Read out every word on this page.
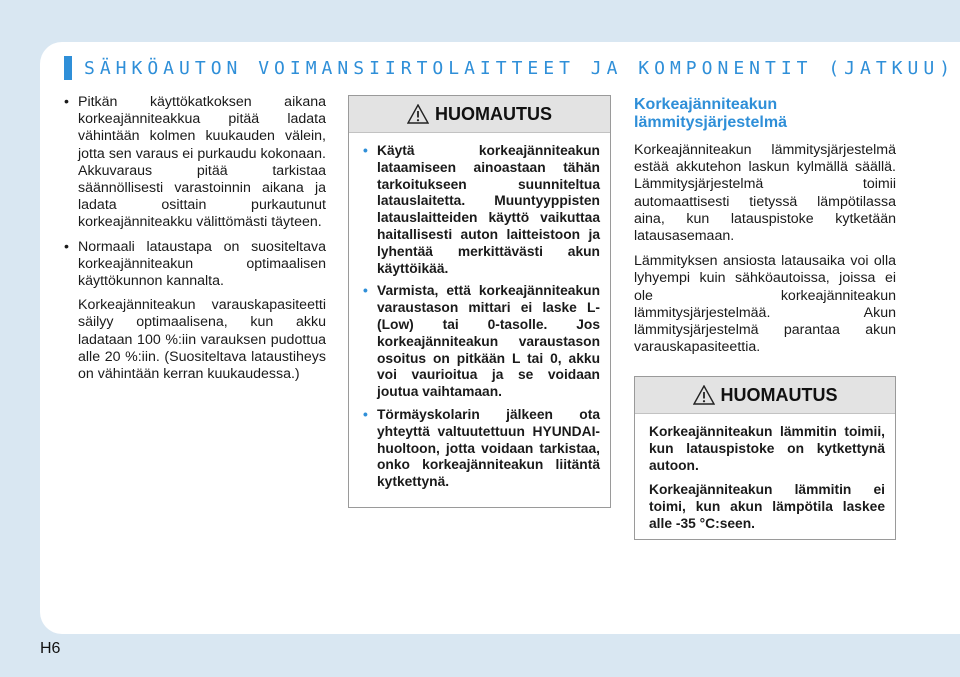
SÄHKÖAUTON VOIMANSIIRTOLAITTEET JA KOMPONENTIT (JATKUU)
• Pitkän käyttökatkoksen aikana korkeajänniteakkua pitää ladata vähintään kolmen kuukauden välein, jotta sen varaus ei purkaudu kokonaan. Akkuvaraus pitää tarkistaa säännöllisesti varastoinnin aikana ja ladata osittain purkautunut korkeajänniteakku välittömästi täyteen.
• Normaali lataustapa on suositeltava korkeajänniteakun optimaalisen käyttökunnon kannalta.

Korkeajänniteakun varauskapasiteetti säilyy optimaalisena, kun akku ladataan 100 %:iin varauksen pudottua alle 20 %:iin. (Suositeltava lataustiheys on vähintään kerran kuukaudessa.)

HUOMAUTUS
• Käytä korkeajänniteakun lataamiseen ainoastaan tähän tarkoitukseen suunniteltua latauslaitetta. Muuntyyppisten latauslaitteiden käyttö vaikuttaa haitallisesti auton laitteistoon ja lyhentää merkittävästi akun käyttöikää.
• Varmista, että korkeajänniteakun varaustason mittari ei laske L- (Low) tai 0-tasolle. Jos korkeajänniteakun varaustason osoitus on pitkään L tai 0, akku voi vaurioitua ja se voidaan joutua vaihtamaan.
• Törmäyskolarin jälkeen ota yhteyttä valtuutettuun HYUNDAI-huoltoon, jotta voidaan tarkistaa, onko korkeajänniteakun liitäntä kytkettynä.
Korkeajänniteakun lämmitysjärjestelmä

Korkeajänniteakun lämmitysjärjestelmä estää akkutehon laskun kylmällä säällä. Lämmitysjärjestelmä toimii automaattisesti tietyssä lämpötilassa aina, kun latauspistoke kytketään latausasemaan.

Lämmityksen ansiosta latausaika voi olla lyhyempi kuin sähköautoissa, joissa ei ole korkeajänniteakun lämmitysjärjestelmää. Akun lämmitysjärjestelmä parantaa akun varauskapasiteettia.

HUOMAUTUS

Korkeajänniteakun lämmitin toimii, kun latauspistoke on kytkettynä autoon.

Korkeajänniteakun lämmitin ei toimi, kun akun lämpötila laskee alle -35 °C:seen.

H6
